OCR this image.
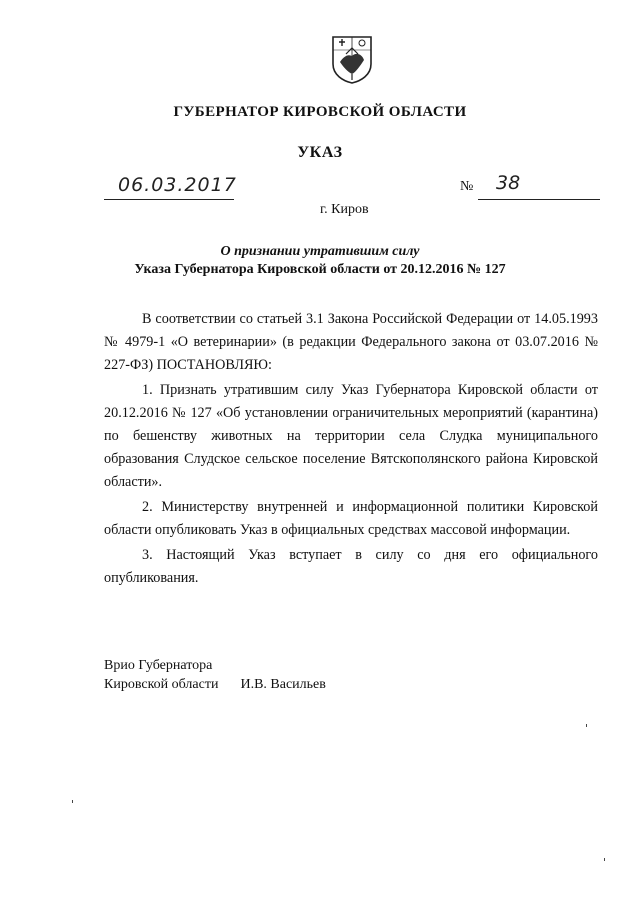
ГУБЕРНАТОР КИРОВСКОЙ ОБЛАСТИ
УКАЗ
06.03.2017	№ 38
г. Киров
О признании утратившим силу
Указа Губернатора Кировской области от 20.12.2016 № 127

В соответствии со статьей 3.1 Закона Российской Федерации от 14.05.1993 № 4979-1 «О ветеринарии» (в редакции Федерального закона от 03.07.2016 № 227-ФЗ) ПОСТАНОВЛЯЮ:

1. Признать утратившим силу Указ Губернатора Кировской области от 20.12.2016 № 127 «Об установлении ограничительных мероприятий (карантина) по бешенству животных на территории села Слудка муниципального образования Слудское сельское поселение Вятскополянского района Кировской области».

2. Министерству внутренней и информационной политики Кировской области опубликовать Указ в официальных средствах массовой информации.

3. Настоящий Указ вступает в силу со дня его официального опубликования.

Врио Губернатора
Кировской области И.В. Васильев
